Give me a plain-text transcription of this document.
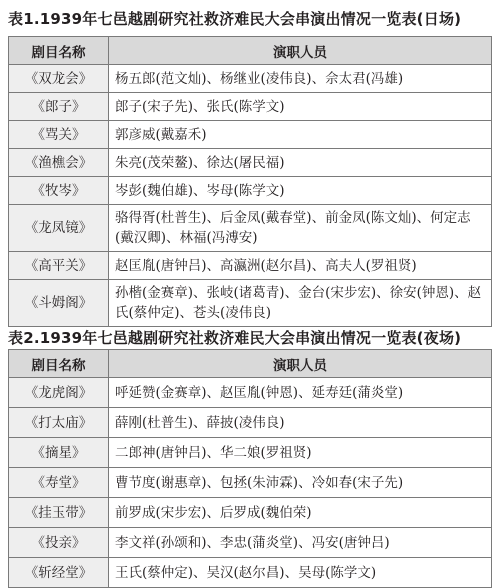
表1.1939年七邑越剧研究社救济难民大会串演出情况一览表(日场)
剧目名称	演职人员
《双龙会》	杨五郎(范文灿)、杨继业(凌伟良)、佘太君(冯雄)
《郎子》	郎子(宋子先)、张氏(陈学文)
《骂关》	郭彦威(戴嘉禾)
《渔樵会》	朱亮(茂荣鳌)、徐达(屠民福)
《牧岑》	岑彭(魏伯雄)、岑母(陈学文)
《龙凤镜》	骆得胥(杜普生)、后金凤(戴春堂)、前金凤(陈文灿)、何定志(戴汉卿)、林福(冯溥安)
《高平关》	赵匡胤(唐钟吕)、高瀛洲(赵尔昌)、高夫人(罗祖贤)
《斗姆阁》	孙楷(金赛章)、张岐(诸葛青)、金台(宋步宏)、徐安(钟恩)、赵氏(蔡仲定)、苍头(凌伟良)
表2.1939年七邑越剧研究社救济难民大会串演出情况一览表(夜场)
剧目名称	演职人员
《龙虎阁》	呼延赞(金赛章)、赵匡胤(钟恩)、延寿廷(蒲炎堂)
《打太庙》	薛刚(杜普生)、薛披(凌伟良)
《摘星》	二郎神(唐钟吕)、华二娘(罗祖贤)
《寿堂》	曹节度(谢惠章)、包拯(朱沛霖)、冷如春(宋子先)
《挂玉带》	前罗成(宋步宏)、后罗成(魏伯荣)
《投亲》	李文祥(孙颂和)、李忠(蒲炎堂)、冯安(唐钟吕)
《斩经堂》	王氏(蔡仲定)、吴汉(赵尔昌)、吴母(陈学文)
